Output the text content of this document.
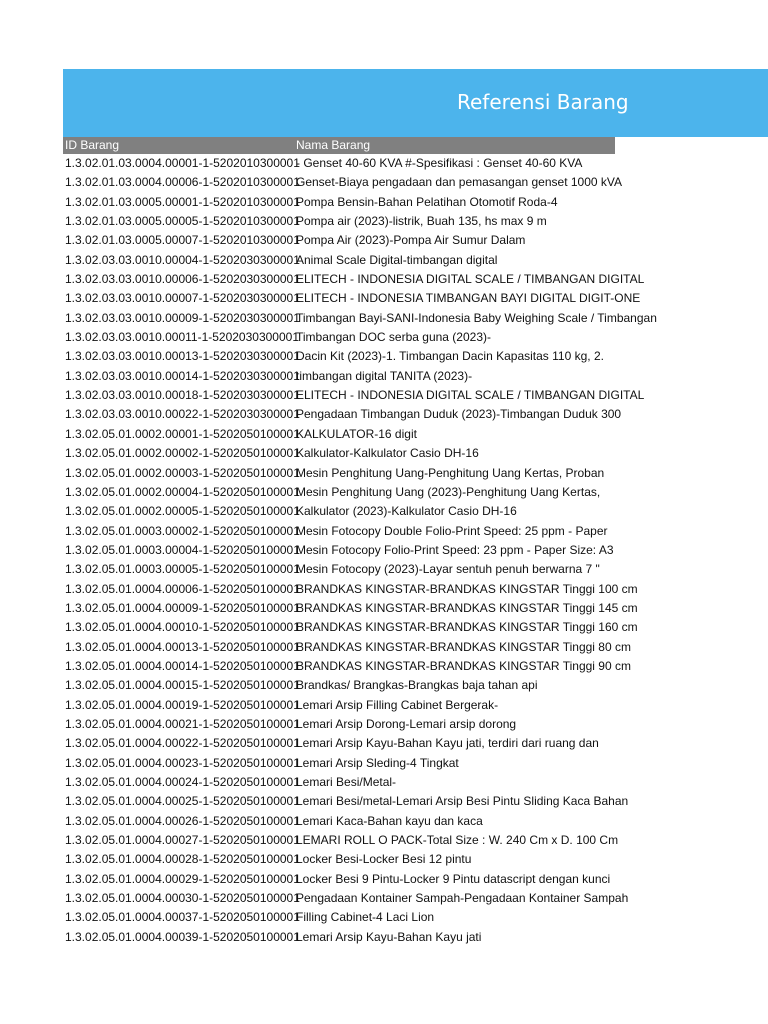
Referensi Barang
ID Barang	Nama Barang
1.3.02.01.03.0004.00001-1-5202010300001
- Genset 40-60 KVA #-Spesifikasi : Genset 40-60 KVA
1.3.02.01.03.0004.00006-1-5202010300001
Genset-Biaya pengadaan dan pemasangan genset 1000 kVA
1.3.02.01.03.0005.00001-1-5202010300001
Pompa Bensin-Bahan Pelatihan Otomotif Roda-4
1.3.02.01.03.0005.00005-1-5202010300001
Pompa air (2023)-listrik, Buah 135, hs max 9 m
1.3.02.01.03.0005.00007-1-5202010300001
Pompa Air (2023)-Pompa Air Sumur Dalam
1.3.02.03.03.0010.00004-1-5202030300001
Animal Scale Digital-timbangan digital
1.3.02.03.03.0010.00006-1-5202030300001
ELITECH - INDONESIA DIGITAL SCALE / TIMBANGAN DIGITAL
1.3.02.03.03.0010.00007-1-5202030300001
ELITECH - INDONESIA TIMBANGAN BAYI DIGITAL DIGIT-ONE
1.3.02.03.03.0010.00009-1-5202030300001
Timbangan Bayi-SANI-Indonesia Baby Weighing Scale / Timbangan
1.3.02.03.03.0010.00011-1-5202030300001
Timbangan DOC serba guna (2023)-
1.3.02.03.03.0010.00013-1-5202030300001
Dacin Kit (2023)-1. Timbangan Dacin Kapasitas 110 kg, 2.
1.3.02.03.03.0010.00014-1-5202030300001
timbangan digital TANITA (2023)-
1.3.02.03.03.0010.00018-1-5202030300001
ELITECH - INDONESIA DIGITAL SCALE / TIMBANGAN DIGITAL
1.3.02.03.03.0010.00022-1-5202030300001
Pengadaan Timbangan Duduk (2023)-Timbangan Duduk 300
1.3.02.05.01.0002.00001-1-5202050100001
KALKULATOR-16 digit
1.3.02.05.01.0002.00002-1-5202050100001
Kalkulator-Kalkulator Casio DH-16
1.3.02.05.01.0002.00003-1-5202050100001
Mesin Penghitung Uang-Penghitung Uang Kertas, Proban
1.3.02.05.01.0002.00004-1-5202050100001
Mesin Penghitung Uang (2023)-Penghitung Uang Kertas,
1.3.02.05.01.0002.00005-1-5202050100001
Kalkulator (2023)-Kalkulator Casio DH-16
1.3.02.05.01.0003.00002-1-5202050100001
Mesin Fotocopy Double Folio-Print Speed: 25 ppm - Paper
1.3.02.05.01.0003.00004-1-5202050100001
Mesin Fotocopy Folio-Print Speed: 23 ppm - Paper Size: A3
1.3.02.05.01.0003.00005-1-5202050100001
Mesin Fotocopy (2023)-Layar sentuh penuh berwarna 7 "
1.3.02.05.01.0004.00006-1-5202050100001
BRANDKAS KINGSTAR-BRANDKAS KINGSTAR Tinggi 100 cm
1.3.02.05.01.0004.00009-1-5202050100001
BRANDKAS KINGSTAR-BRANDKAS KINGSTAR Tinggi 145 cm
1.3.02.05.01.0004.00010-1-5202050100001
BRANDKAS KINGSTAR-BRANDKAS KINGSTAR Tinggi 160 cm
1.3.02.05.01.0004.00013-1-5202050100001
BRANDKAS KINGSTAR-BRANDKAS KINGSTAR Tinggi 80 cm
1.3.02.05.01.0004.00014-1-5202050100001
BRANDKAS KINGSTAR-BRANDKAS KINGSTAR Tinggi 90 cm
1.3.02.05.01.0004.00015-1-5202050100001
Brandkas/ Brangkas-Brangkas baja tahan api
1.3.02.05.01.0004.00019-1-5202050100001
Lemari Arsip Filling Cabinet Bergerak-
1.3.02.05.01.0004.00021-1-5202050100001
Lemari Arsip Dorong-Lemari arsip dorong
1.3.02.05.01.0004.00022-1-5202050100001
Lemari Arsip Kayu-Bahan Kayu jati, terdiri dari ruang dan
1.3.02.05.01.0004.00023-1-5202050100001
Lemari Arsip Sleding-4 Tingkat
1.3.02.05.01.0004.00024-1-5202050100001
Lemari Besi/Metal-
1.3.02.05.01.0004.00025-1-5202050100001
Lemari Besi/metal-Lemari Arsip Besi Pintu Sliding Kaca Bahan
1.3.02.05.01.0004.00026-1-5202050100001
Lemari Kaca-Bahan kayu dan kaca
1.3.02.05.01.0004.00027-1-5202050100001
LEMARI ROLL O PACK-Total Size : W. 240 Cm x D. 100 Cm
1.3.02.05.01.0004.00028-1-5202050100001
Locker Besi-Locker Besi 12 pintu
1.3.02.05.01.0004.00029-1-5202050100001
Locker Besi 9 Pintu-Locker 9 Pintu datascript dengan kunci
1.3.02.05.01.0004.00030-1-5202050100001
Pengadaan Kontainer Sampah-Pengadaan Kontainer Sampah
1.3.02.05.01.0004.00037-1-5202050100001
Filling Cabinet-4 Laci Lion
1.3.02.05.01.0004.00039-1-5202050100001
Lemari Arsip Kayu-Bahan Kayu jati
